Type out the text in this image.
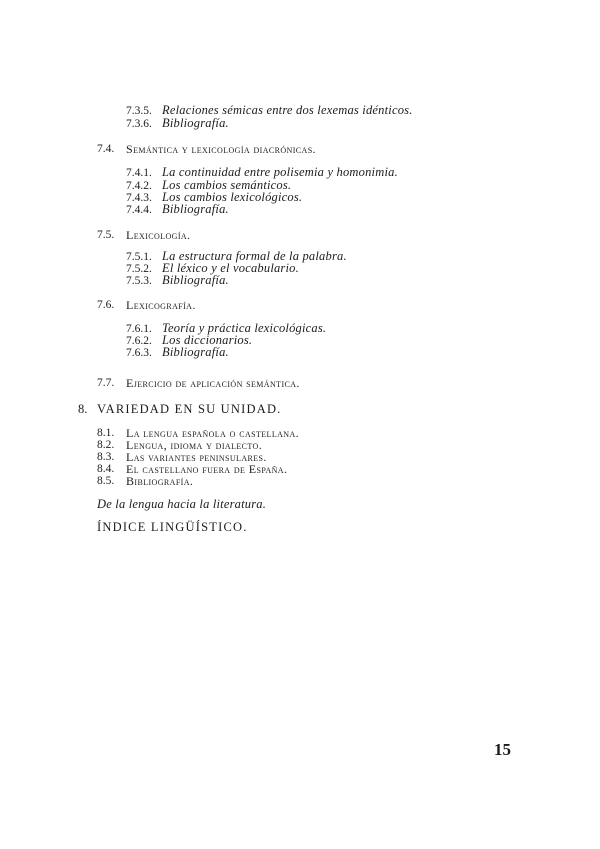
7.3.5. Relaciones sémicas entre dos lexemas idénticos.
7.3.6. Bibliografía.
7.4. Semántica y lexicología diacrónicas.
7.4.1. La continuidad entre polisemia y homonimia.
7.4.2. Los cambios semánticos.
7.4.3. Los cambios lexicológicos.
7.4.4. Bibliografía.
7.5. Lexicología.
7.5.1. La estructura formal de la palabra.
7.5.2. El léxico y el vocabulario.
7.5.3. Bibliografía.
7.6. Lexicografía.
7.6.1. Teoría y práctica lexicológicas.
7.6.2. Los diccionarios.
7.6.3. Bibliografía.
7.7. Ejercicio de aplicación semántica.
8. VARIEDAD EN SU UNIDAD.
8.1. La lengua española o castellana.
8.2. Lengua, idioma y dialecto.
8.3. Las variantes peninsulares.
8.4. El castellano fuera de España.
8.5. Bibliografía.
De la lengua hacia la literatura.
ÍNDICE LINGÜÍSTICO.
15
